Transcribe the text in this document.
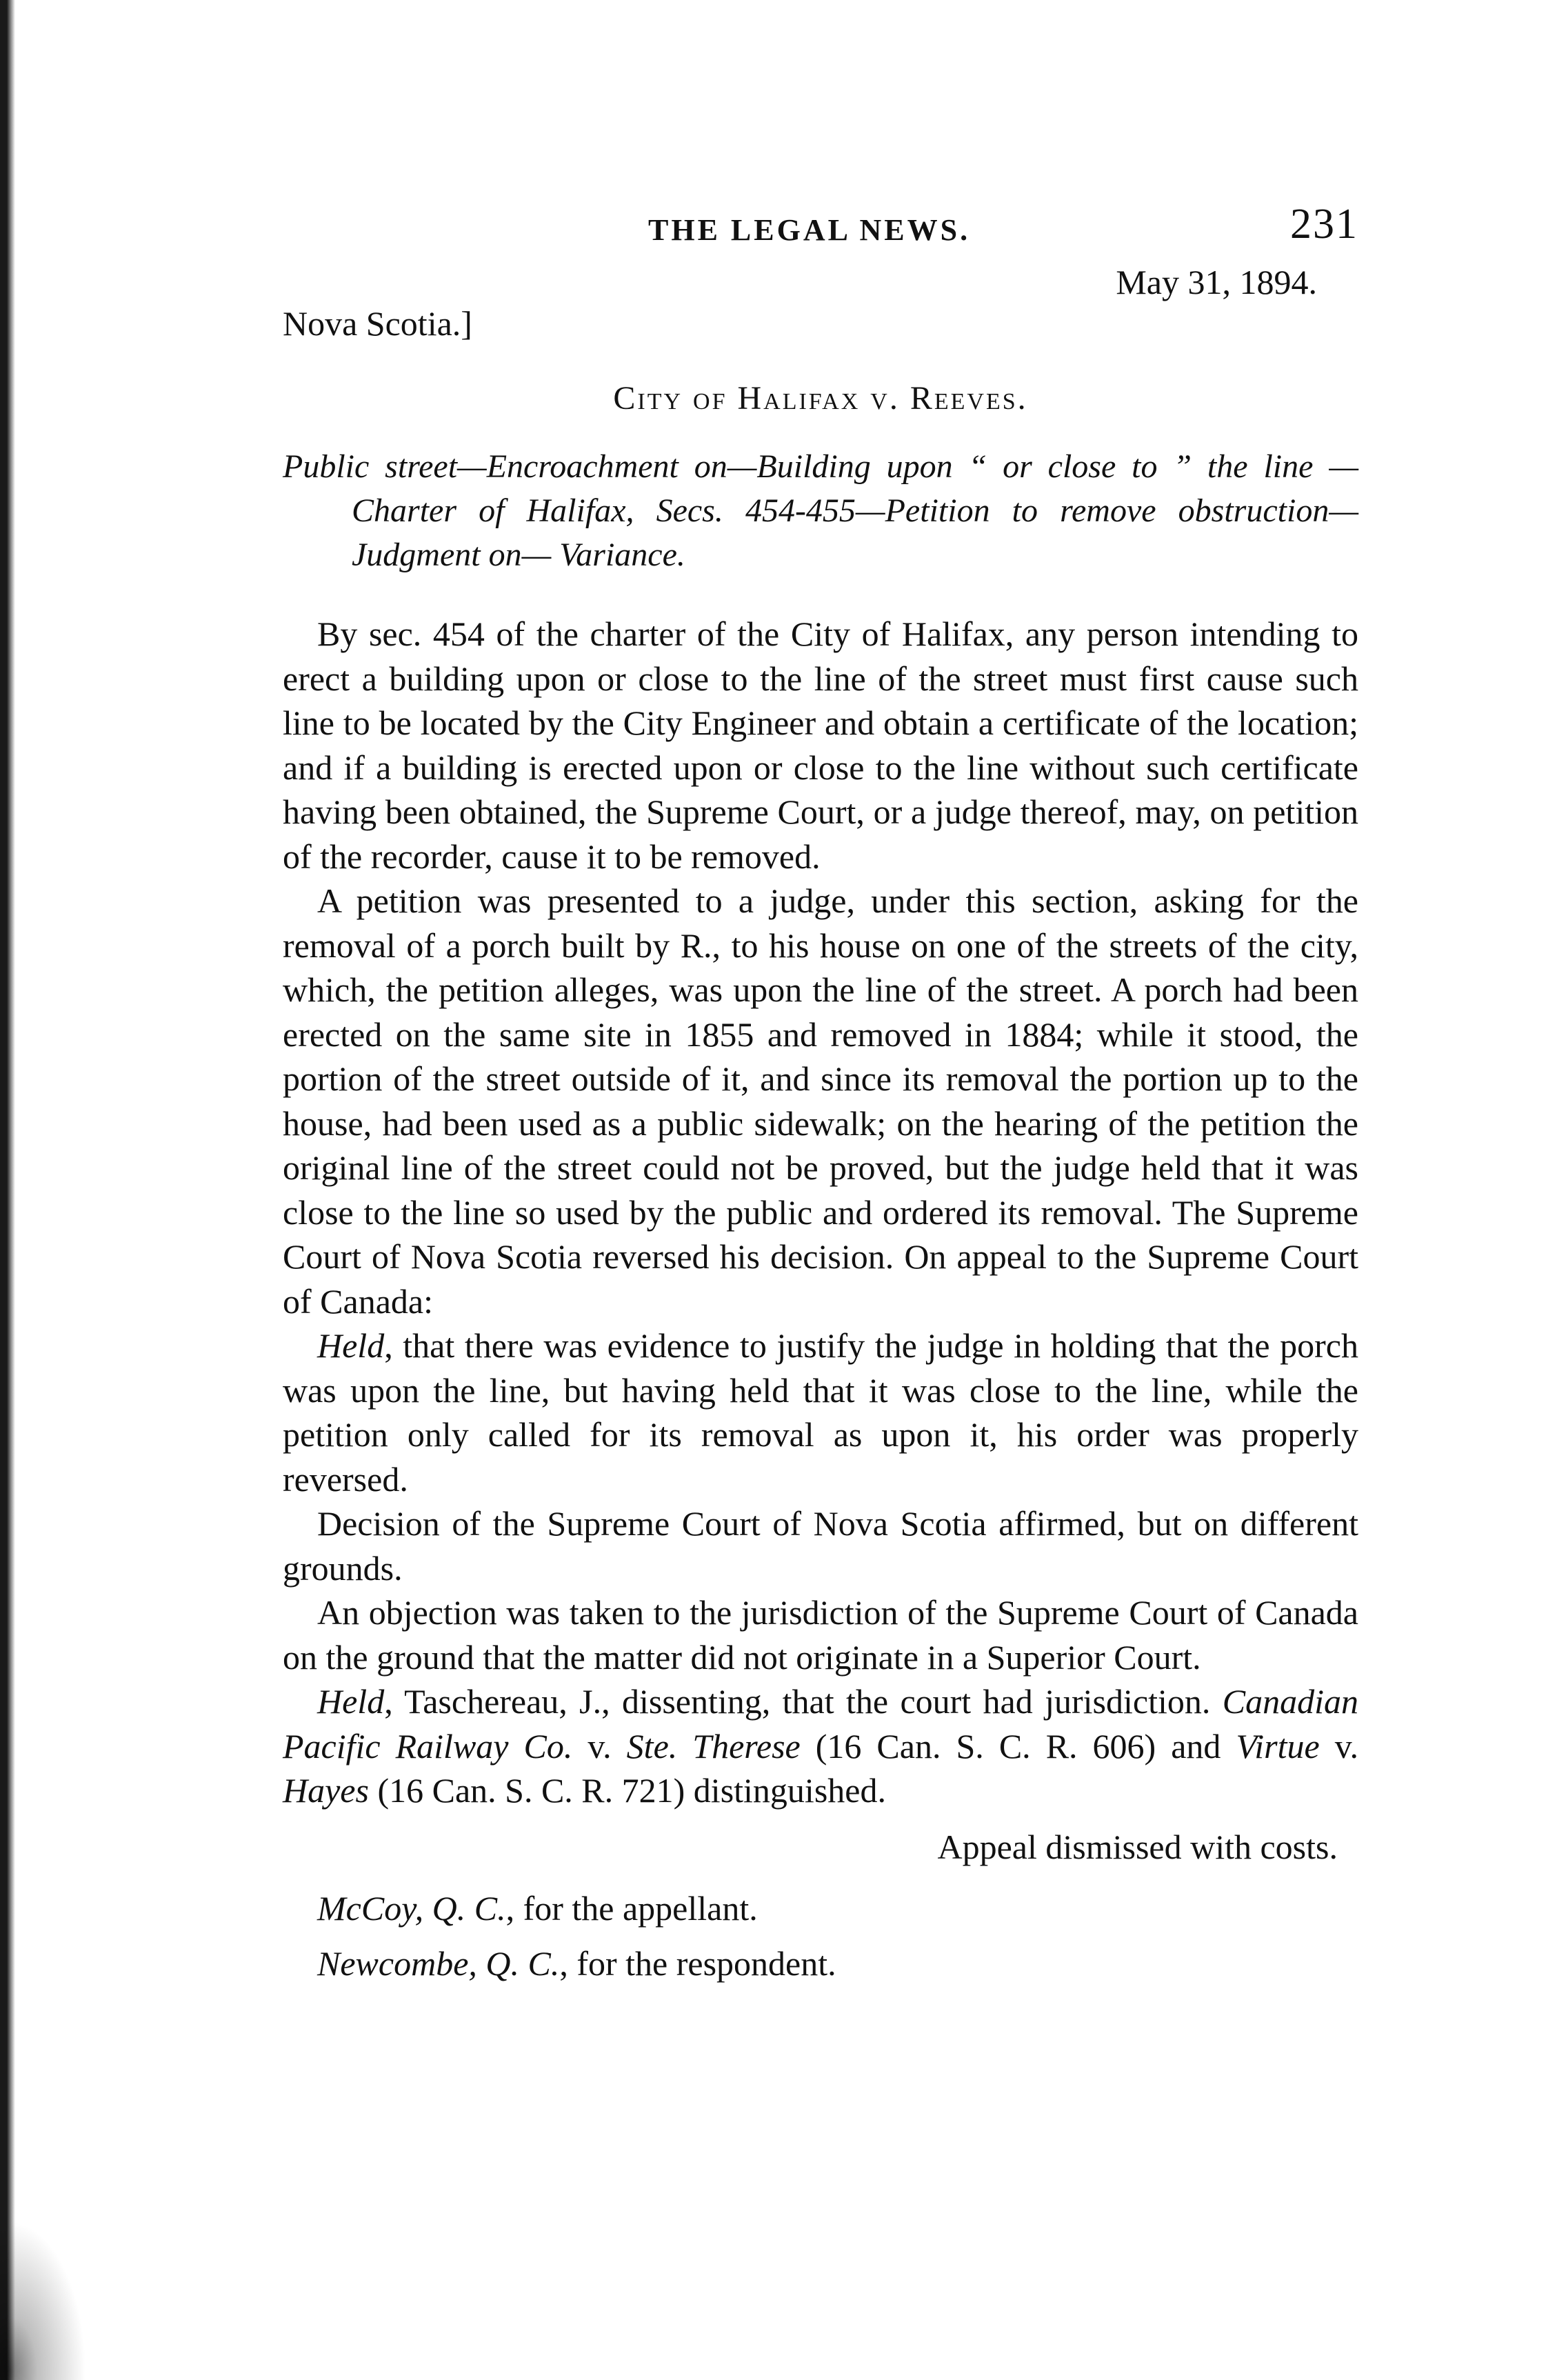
THE LEGAL NEWS.	231
Nova Scotia.]
May 31, 1894.
City of Halifax v. Reeves.

Public street—Encroachment on—Building upon “ or close to ” the line —Charter of Halifax, Secs. 454-455—Petition to remove obstruction—Judgment on— Variance.

By sec. 454 of the charter of the City of Halifax, any person intending to erect a building upon or close to the line of the street must first cause such line to be located by the City Engineer and obtain a certificate of the location; and if a building is erected upon or close to the line without such certificate having been obtained, the Supreme Court, or a judge thereof, may, on petition of the recorder, cause it to be removed.

A petition was presented to a judge, under this section, asking for the removal of a porch built by R., to his house on one of the streets of the city, which, the petition alleges, was upon the line of the street. A porch had been erected on the same site in 1855 and removed in 1884; while it stood, the portion of the street outside of it, and since its removal the portion up to the house, had been used as a public sidewalk; on the hearing of the petition the original line of the street could not be proved, but the judge held that it was close to the line so used by the public and ordered its removal. The Supreme Court of Nova Scotia reversed his decision. On appeal to the Supreme Court of Canada:

Held, that there was evidence to justify the judge in holding that the porch was upon the line, but having held that it was close to the line, while the petition only called for its removal as upon it, his order was properly reversed.

Decision of the Supreme Court of Nova Scotia affirmed, but on different grounds.

An objection was taken to the jurisdiction of the Supreme Court of Canada on the ground that the matter did not originate in a Superior Court.

Held, Taschereau, J., dissenting, that the court had jurisdiction. Canadian Pacific Railway Co. v. Ste. Therese (16 Can. S. C. R. 606) and Virtue v. Hayes (16 Can. S. C. R. 721) distinguished.

Appeal dismissed with costs.
McCoy, Q. C., for the appellant.
Newcombe, Q. C., for the respondent.
